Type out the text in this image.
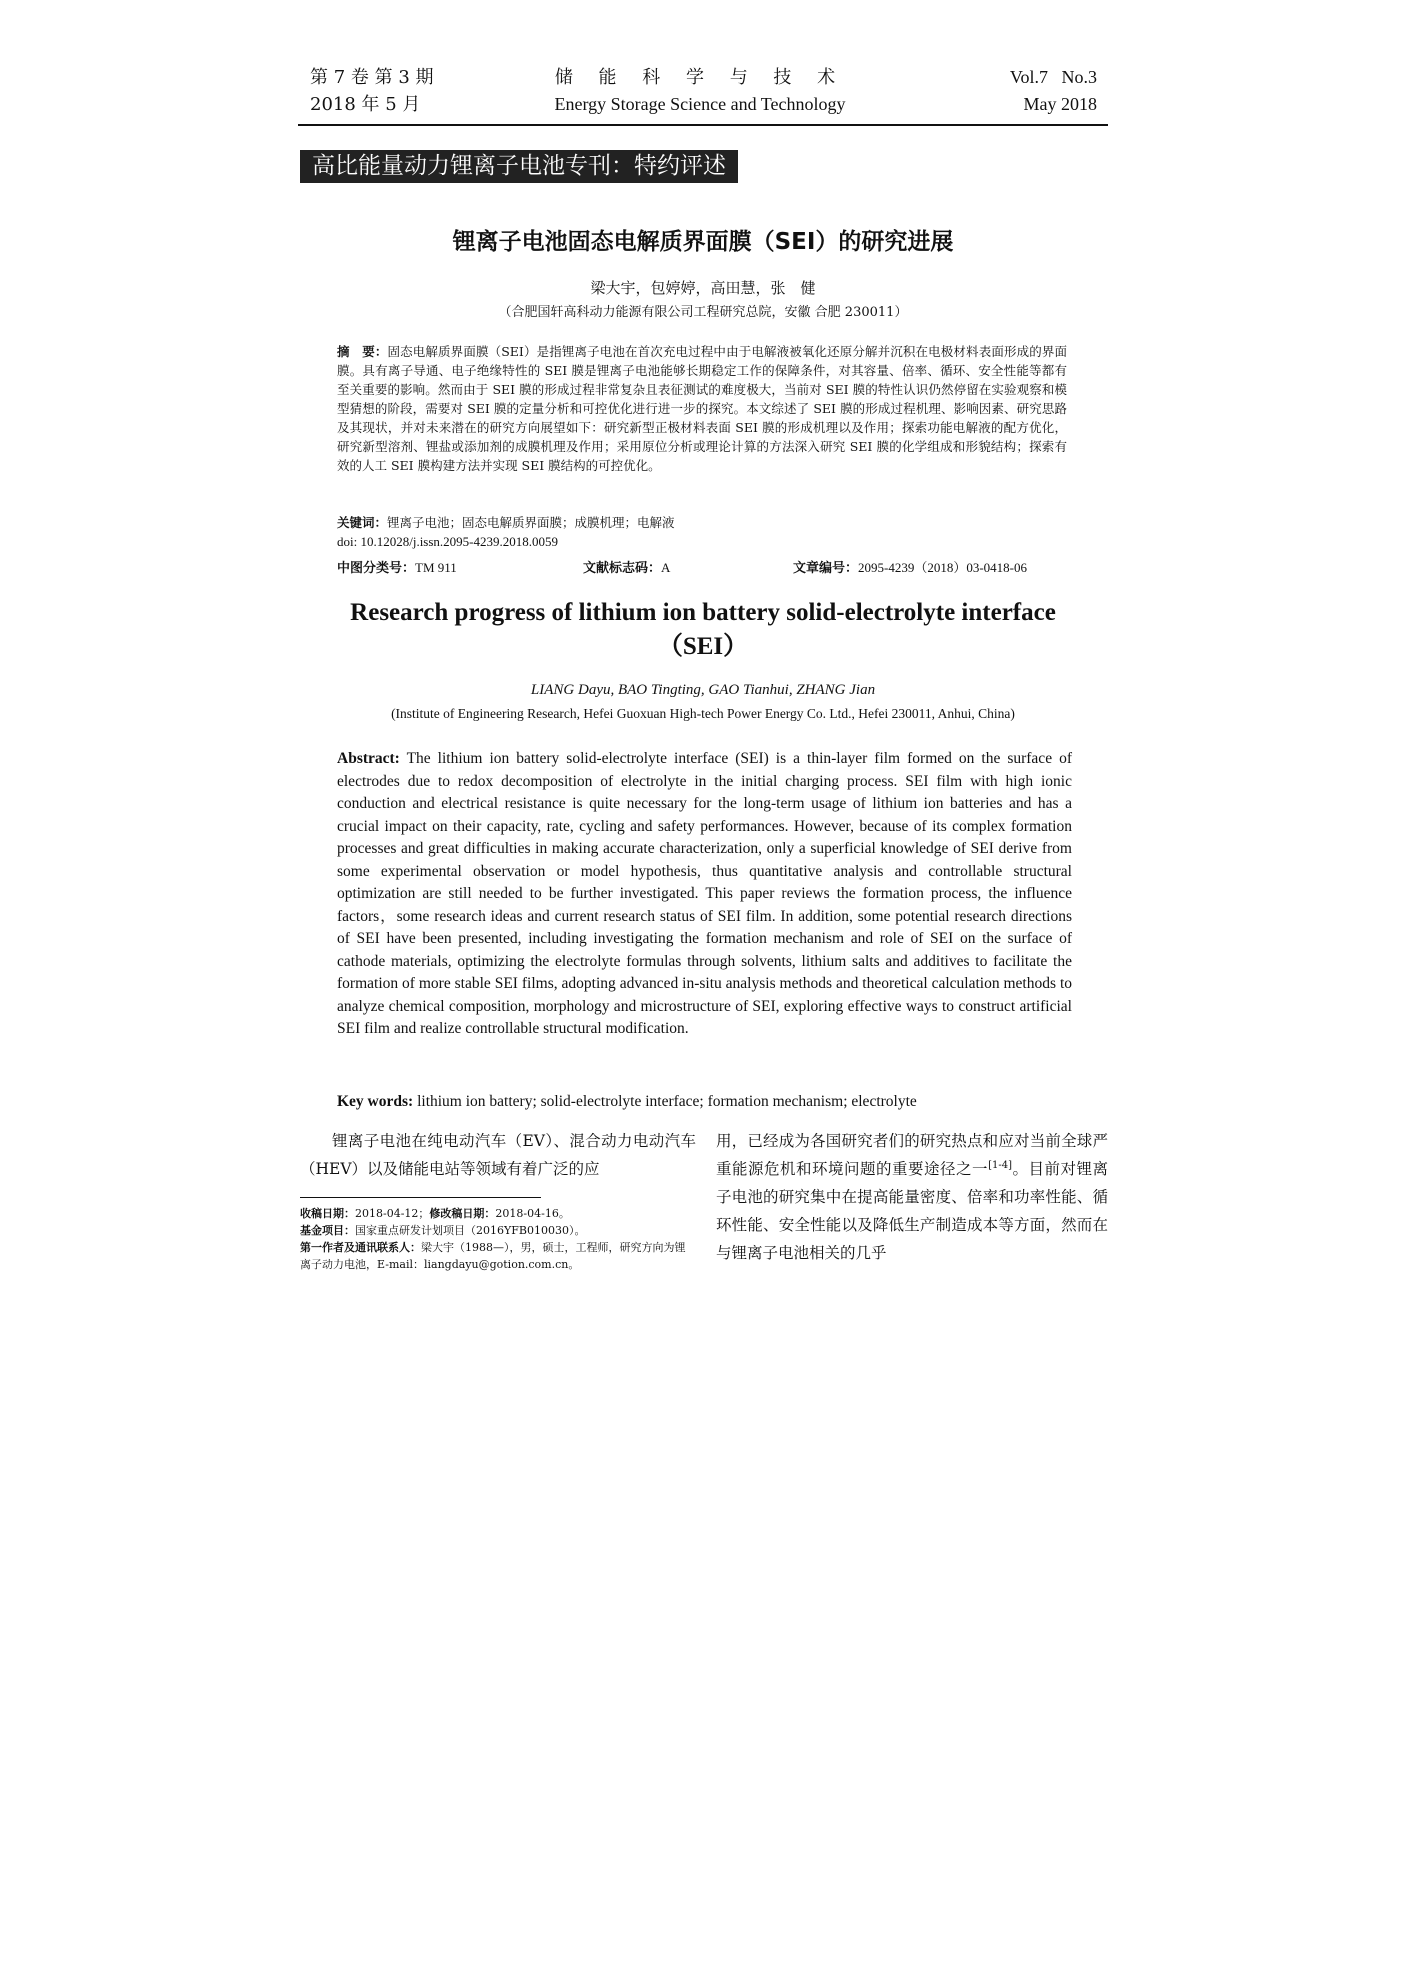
第 7 卷 第 3 期
2018 年 5 月
储 能 科 学 与 技 术
Energy Storage Science and Technology
Vol.7   No.3
May 2018
高比能量动力锂离子电池专刊：特约评述
锂离子电池固态电解质界面膜（SEI）的研究进展
梁大宇，包婷婷，高田慧，张　健
（合肥国轩高科动力能源有限公司工程研究总院，安徽 合肥 230011）
摘　要：固态电解质界面膜（SEI）是指锂离子电池在首次充电过程中由于电解液被氧化还原分解并沉积在电极材料表面形成的界面膜。具有离子导通、电子绝缘特性的 SEI 膜是锂离子电池能够长期稳定工作的保障条件，对其容量、倍率、循环、安全性能等都有至关重要的影响。然而由于 SEI 膜的形成过程非常复杂且表征测试的难度极大，当前对 SEI 膜的特性认识仍然停留在实验观察和模型猜想的阶段，需要对 SEI 膜的定量分析和可控优化进行进一步的探究。本文综述了 SEI 膜的形成过程机理、影响因素、研究思路及其现状，并对未来潜在的研究方向展望如下：研究新型正极材料表面 SEI 膜的形成机理以及作用；探索功能电解液的配方优化，研究新型溶剂、锂盐或添加剂的成膜机理及作用；采用原位分析或理论计算的方法深入研究 SEI 膜的化学组成和形貌结构；探索有效的人工 SEI 膜构建方法并实现 SEI 膜结构的可控优化。
关键词：锂离子电池；固态电解质界面膜；成膜机理；电解液
doi: 10.12028/j.issn.2095-4239.2018.0059
中图分类号：TM 911	文献标志码：A	文章编号：2095-4239（2018）03-0418-06
Research progress of lithium ion battery solid-electrolyte interface
（SEI）
LIANG Dayu, BAO Tingting, GAO Tianhui, ZHANG Jian
(Institute of Engineering Research, Hefei Guoxuan High-tech Power Energy Co. Ltd., Hefei 230011, Anhui, China)
Abstract: The lithium ion battery solid-electrolyte interface (SEI) is a thin-layer film formed on the surface of electrodes due to redox decomposition of electrolyte in the initial charging process. SEI film with high ionic conduction and electrical resistance is quite necessary for the long-term usage of lithium ion batteries and has a crucial impact on their capacity, rate, cycling and safety performances. However, because of its complex formation processes and great difficulties in making accurate characterization, only a superficial knowledge of SEI derive from some experimental observation or model hypothesis, thus quantitative analysis and controllable structural optimization are still needed to be further investigated. This paper reviews the formation process, the influence factors，some research ideas and current research status of SEI film. In addition, some potential research directions of SEI have been presented, including investigating the formation mechanism and role of SEI on the surface of cathode materials, optimizing the electrolyte formulas through solvents, lithium salts and additives to facilitate the formation of more stable SEI films, adopting advanced in-situ analysis methods and theoretical calculation methods to analyze chemical composition, morphology and microstructure of SEI, exploring effective ways to construct artificial SEI film and realize controllable structural modification.
Key words: lithium ion battery; solid-electrolyte interface; formation mechanism; electrolyte
锂离子电池在纯电动汽车（EV）、混合动力电动汽车（HEV）以及储能电站等领域有着广泛的应
用，已经成为各国研究者们的研究热点和应对当前全球严重能源危机和环境问题的重要途径之一[1-4]。目前对锂离子电池的研究集中在提高能量密度、倍率和功率性能、循环性能、安全性能以及降低生产制造成本等方面，然而在与锂离子电池相关的几乎
收稿日期：2018-04-12；修改稿日期：2018-04-16。
基金项目：国家重点研发计划项目（2016YFB010030）。
第一作者及通讯联系人：梁大宇（1988—），男，硕士，工程师，研究方向为锂离子动力电池，E-mail：liangdayu@gotion.com.cn。
